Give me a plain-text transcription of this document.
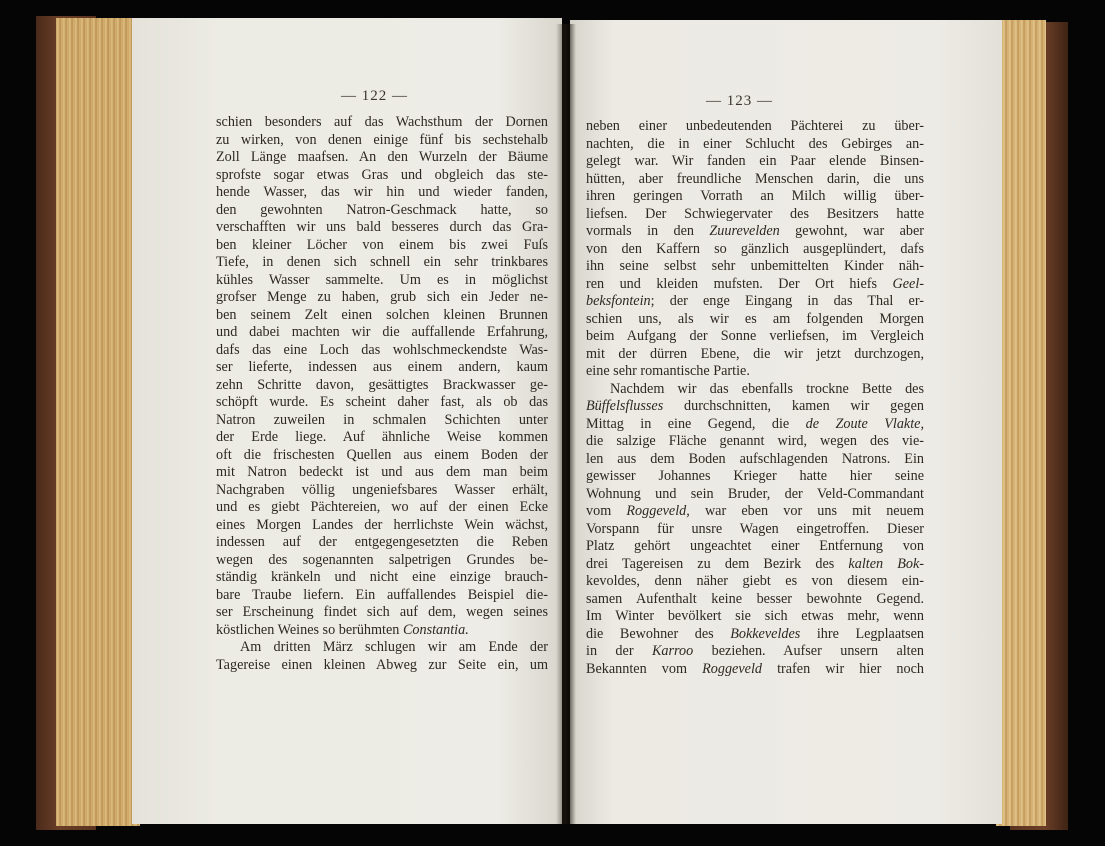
— 122 —	— 123 —
schien besonders auf das Wachsthum der Dornen
zu wirken, von denen einige fünf bis sechstehalb
Zoll Länge maafsen. An den Wurzeln der Bäume
sprofste sogar etwas Gras und obgleich das ste-
hende Wasser, das wir hin und wieder fanden,
den gewohnten Natron-Geschmack hatte, so
verschafften wir uns bald besseres durch das Gra-
ben kleiner Löcher von einem bis zwei Fuſs
Tiefe, in denen sich schnell ein sehr trinkbares
kühles Wasser sammelte. Um es in möglichst
grofser Menge zu haben, grub sich ein Jeder ne-
ben seinem Zelt einen solchen kleinen Brunnen
und dabei machten wir die auffallende Erfahrung,
dafs das eine Loch das wohlschmeckendste Was-
ser lieferte, indessen aus einem andern, kaum
zehn Schritte davon, gesättigtes Brackwasser ge-
schöpft wurde. Es scheint daher fast, als ob das
Natron zuweilen in schmalen Schichten unter
der Erde liege. Auf ähnliche Weise kommen
oft die frischesten Quellen aus einem Boden der
mit Natron bedeckt ist und aus dem man beim
Nachgraben völlig ungeniefsbares Wasser erhält,
und es giebt Pächtereien, wo auf der einen Ecke
eines Morgen Landes der herrlichste Wein wächst,
indessen auf der entgegengesetzten die Reben
wegen des sogenannten salpetrigen Grundes be-
ständig kränkeln und nicht eine einzige brauch-
bare Traube liefern. Ein auffallendes Beispiel die-
ser Erscheinung findet sich auf dem, wegen seines
köstlichen Weines so berühmten Constantia.
Am dritten März schlugen wir am Ende der
Tagereise einen kleinen Abweg zur Seite ein, um
neben einer unbedeutenden Pächterei zu über-
nachten, die in einer Schlucht des Gebirges an-
gelegt war. Wir fanden ein Paar elende Binsen-
hütten, aber freundliche Menschen darin, die uns
ihren geringen Vorrath an Milch willig über-
liefsen. Der Schwiegervater des Besitzers hatte
vormals in den Zuurevelden gewohnt, war aber
von den Kaffern so gänzlich ausgeplündert, dafs
ihn seine selbst sehr unbemittelten Kinder näh-
ren und kleiden mufsten. Der Ort hiefs Geel-
beksfontein; der enge Eingang in das Thal er-
schien uns, als wir es am folgenden Morgen
beim Aufgang der Sonne verliefsen, im Vergleich
mit der dürren Ebene, die wir jetzt durchzogen,
eine sehr romantische Partie.
Nachdem wir das ebenfalls trockne Bette des
Büffelsflusses durchschnitten, kamen wir gegen
Mittag in eine Gegend, die de Zoute Vlakte,
die salzige Fläche genannt wird, wegen des vie-
len aus dem Boden aufschlagenden Natrons. Ein
gewisser Johannes Krieger hatte hier seine
Wohnung und sein Bruder, der Veld-Commandant
vom Roggeveld, war eben vor uns mit neuem
Vorspann für unsre Wagen eingetroffen. Dieser
Platz gehört ungeachtet einer Entfernung von
drei Tagereisen zu dem Bezirk des kalten Bok-
kevoldes, denn näher giebt es von diesem ein-
samen Aufenthalt keine besser bewohnte Gegend.
Im Winter bevölkert sie sich etwas mehr, wenn
die Bewohner des Bokkeveldes ihre Legplaatsen
in der Karroo beziehen. Aufser unsern alten
Bekannten vom Roggeveld trafen wir hier noch
